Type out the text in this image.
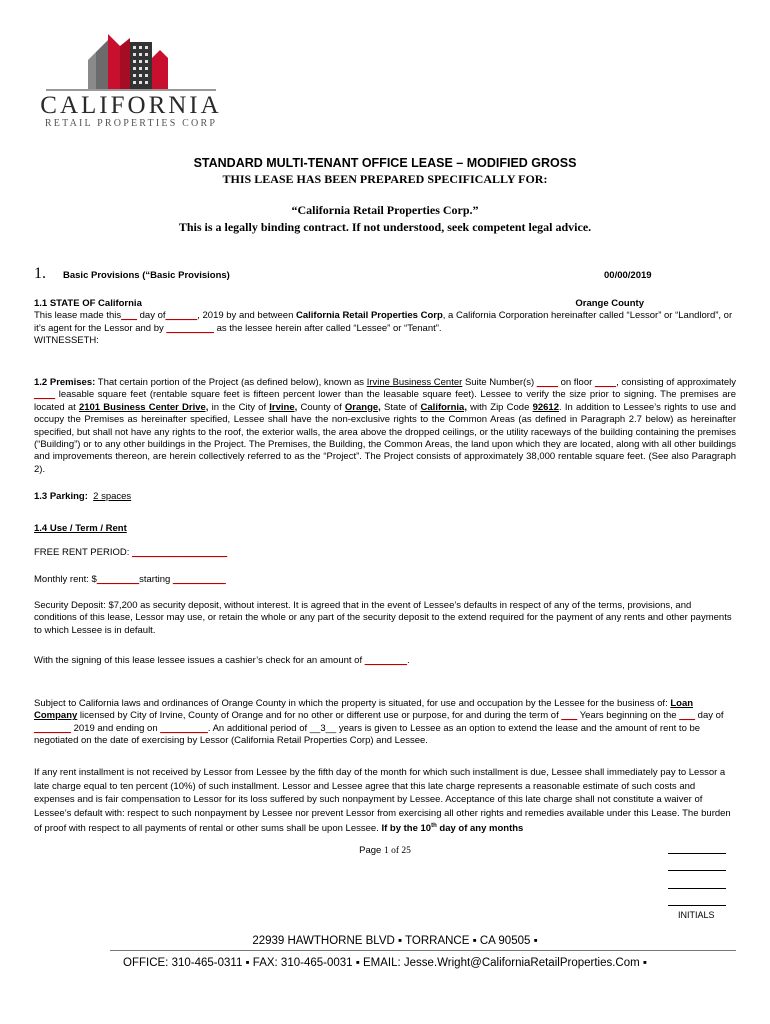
CALIFORNIA
RETAIL PROPERTIES CORP
STANDARD MULTI-TENANT OFFICE LEASE – MODIFIED GROSS
THIS LEASE HAS BEEN PREPARED SPECIFICALLY FOR:
“California Retail Properties Corp.”
This is a legally binding contract. If not understood, seek competent legal advice.
1. Basic Provisions (“Basic Provisions)	00/00/2019
1.1 STATE OF California	Orange County
This lease made this___ day of______, 2019 by and between California Retail Properties Corp, a California Corporation hereinafter called “Lessor” or “Landlord”, or it’s agent for the Lessor and by _________ as the lessee herein after called “Lessee” or “Tenant”.
WITNESSETH:
1.2 Premises: That certain portion of the Project (as defined below), known as Irvine Business Center Suite Number(s) ____ on floor ____, consisting of approximately ____ leasable square feet (rentable square feet is fifteen percent lower than the leasable square feet). Lessee to verify the size prior to signing. The premises are located at 2101 Business Center Drive, in the City of Irvine, County of Orange, State of California, with Zip Code 92612. In addition to Lessee’s rights to use and occupy the Premises as hereinafter specified, Lessee shall have the non-exclusive rights to the Common Areas (as defined in Paragraph 2.7 below) as hereinafter specified, but shall not have any rights to the roof, the exterior walls, the area above the dropped ceilings, or the utility raceways of the building containing the premises (“Building”) or to any other buildings in the Project. The Premises, the Building, the Common Areas, the land upon which they are located, along with all other buildings and improvements thereon, are herein collectively referred to as the “Project”. The Project consists of approximately 38,000 rentable square feet. (See also Paragraph 2).
1.3 Parking: 2 spaces
1.4 Use / Term / Rent
FREE RENT PERIOD: __________________
Monthly rent: $________starting __________
Security Deposit: $7,200 as security deposit, without interest. It is agreed that in the event of Lessee’s defaults in respect of any of the terms, provisions, and conditions of this lease, Lessor may use, or retain the whole or any part of the security deposit to the extend required for the payment of any rents and other payments to which Lessee is in default.
With the signing of this lease lessee issues a cashier’s check for an amount of ________.
Subject to California laws and ordinances of Orange County in which the property is situated, for use and occupation by the Lessee for the business of: Loan Company licensed by City of Irvine, County of Orange and for no other or different use or purpose, for and during the term of ___ Years beginning on the ___ day of _______ 2019 and ending on _________. An additional period of __3__ years is given to Lessee as an option to extend the lease and the amount of rent to be negotiated on the date of exercising by Lessor (California Retail Properties Corp) and Lessee.
If any rent installment is not received by Lessor from Lessee by the fifth day of the month for which such installment is due, Lessee shall immediately pay to Lessor a late charge equal to ten percent (10%) of such installment. Lessor and Lessee agree that this late charge represents a reasonable estimate of such costs and expenses and is fair compensation to Lessor for its loss suffered by such nonpayment by Lessee. Acceptance of this late charge shall not constitute a waiver of Lessee’s default with: respect to such nonpayment by Lessee nor prevent Lessor from exercising all other rights and remedies available under this Lease. The burden of proof with respect to all payments of rental or other sums shall be upon Lessee. If by the 10th day of any months
Page 1 of 25
INITIALS
22939 HAWTHORNE BLVD ▪ TORRANCE ▪ CA 90505 ▪
OFFICE: 310-465-0311 ▪ FAX: 310-465-0031 ▪ EMAIL: Jesse.Wright@CaliforniaRetailProperties.Com ▪
